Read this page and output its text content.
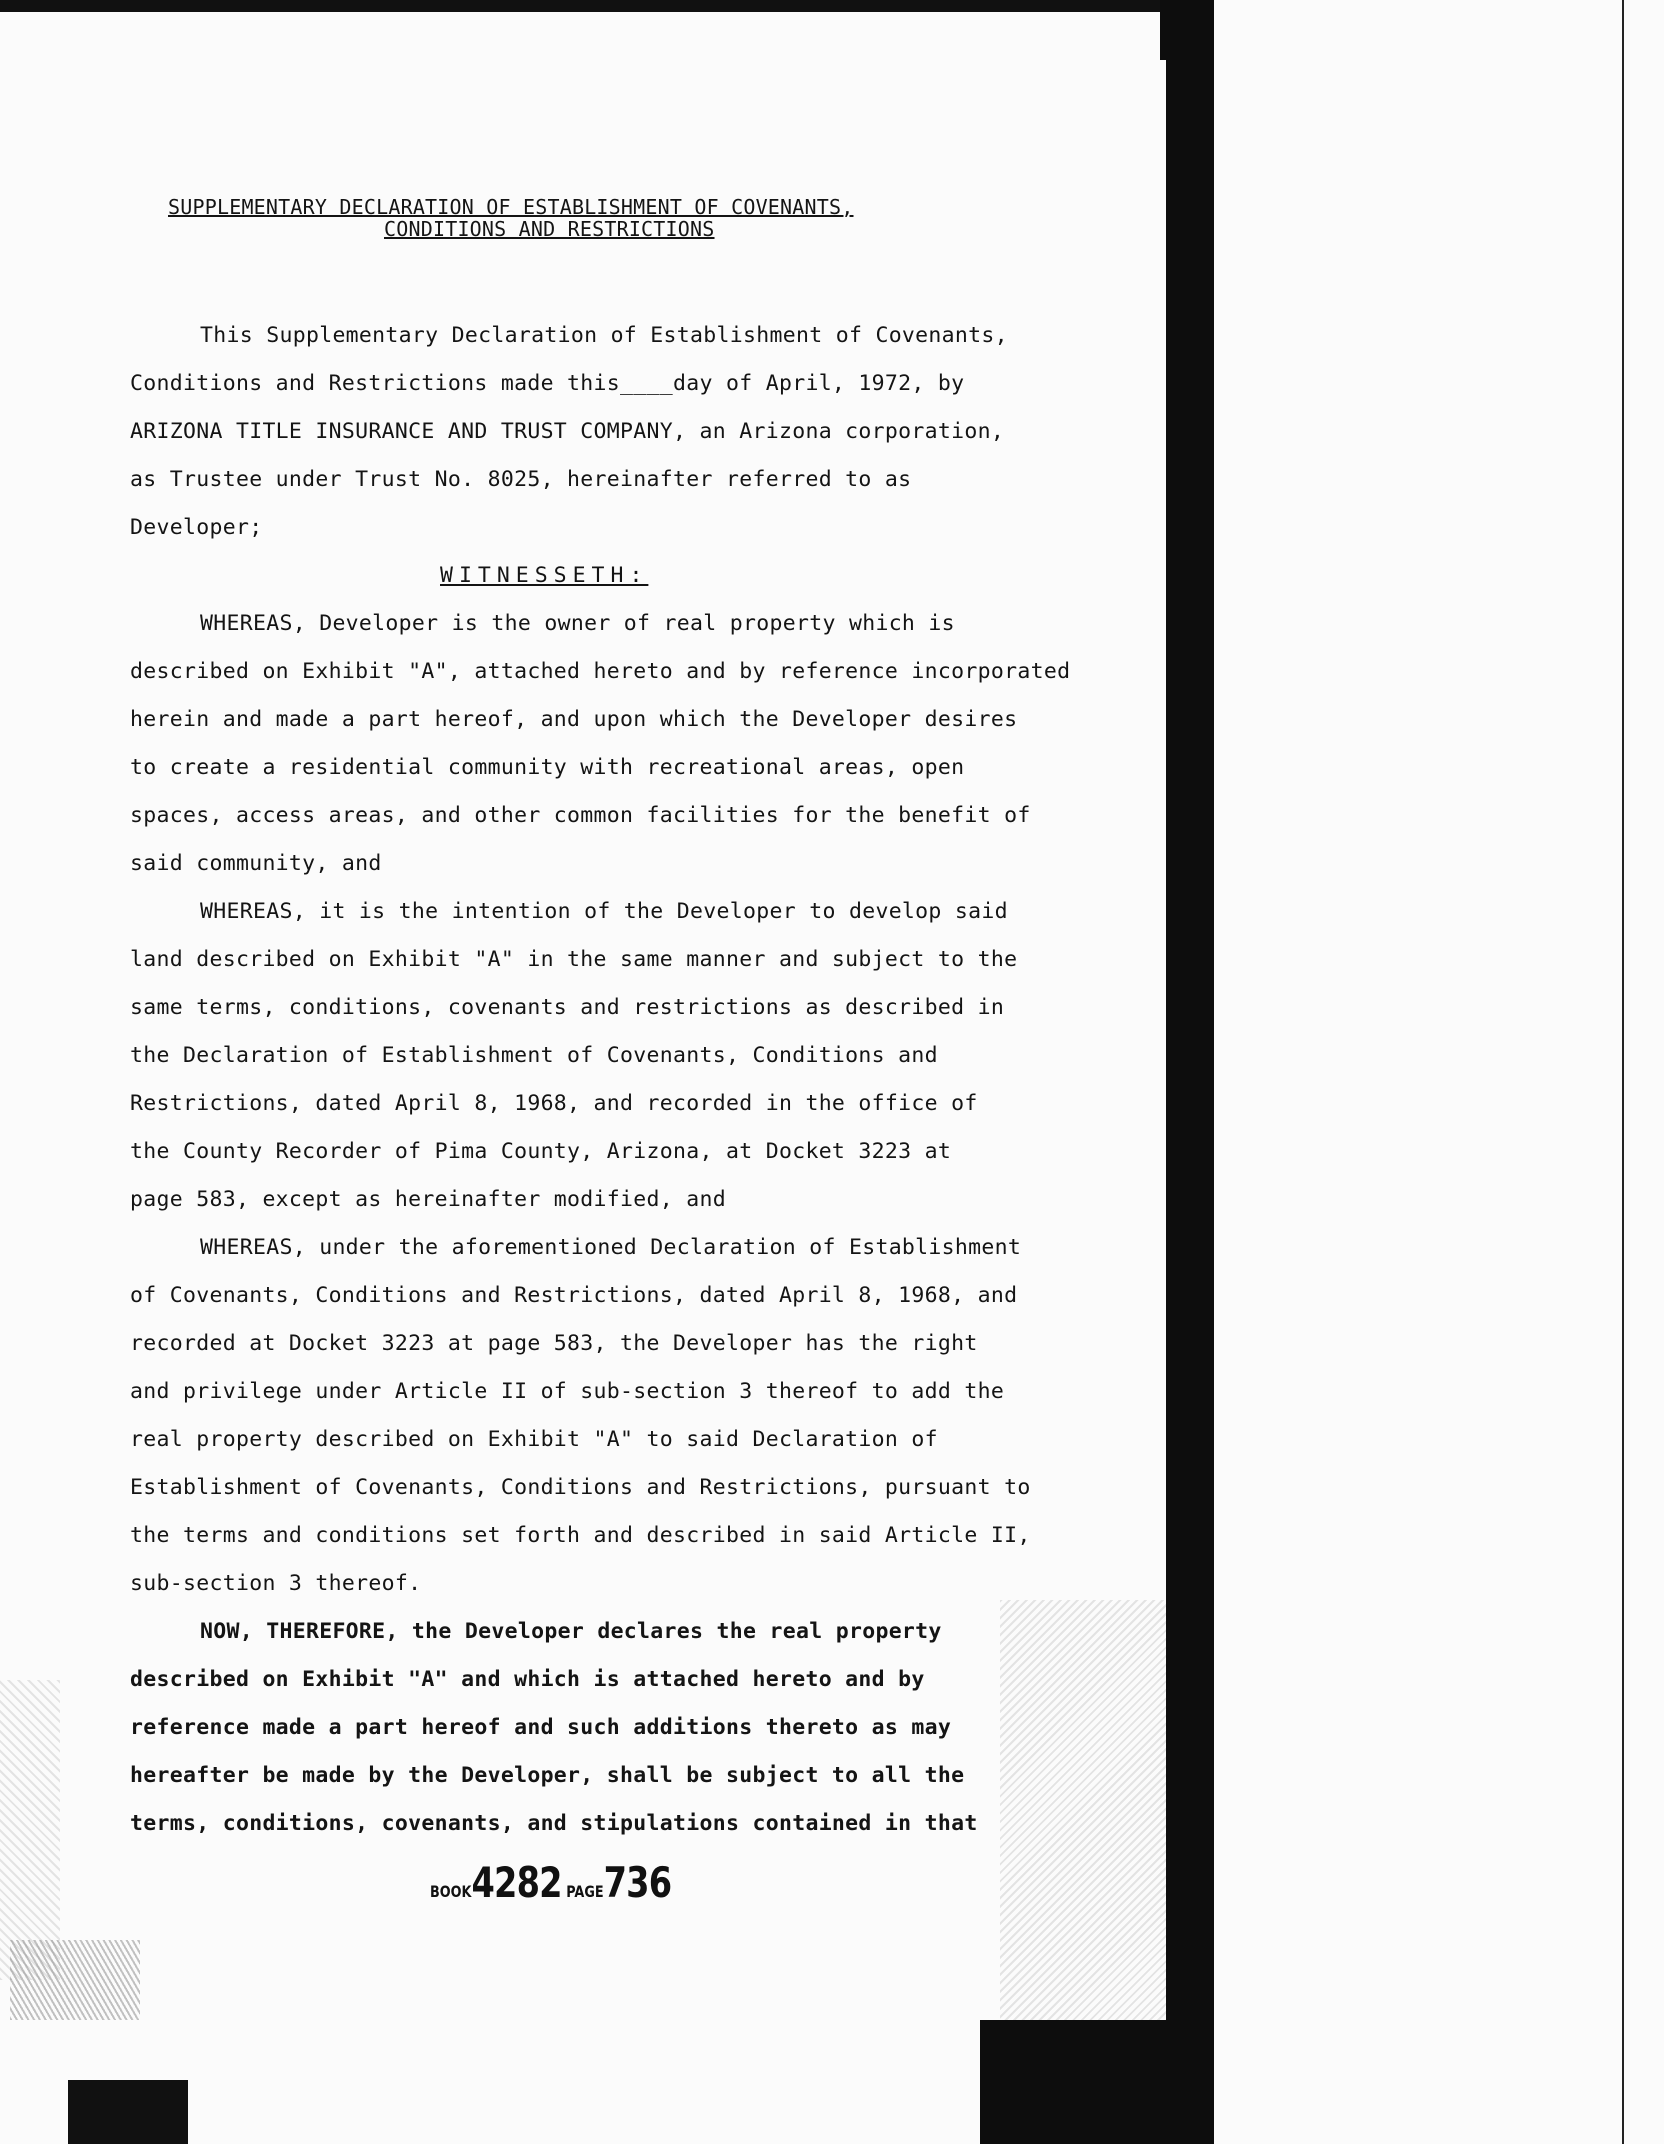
SUPPLEMENTARY DECLARATION OF ESTABLISHMENT OF COVENANTS,
CONDITIONS AND RESTRICTIONS
This Supplementary Declaration of Establishment of Covenants,
Conditions and Restrictions made this____day of April, 1972, by
ARIZONA TITLE INSURANCE AND TRUST COMPANY, an Arizona corporation,
as Trustee under Trust No. 8025, hereinafter referred to as
Developer;
WITNESSETH:
WHEREAS, Developer is the owner of real property which is
described on Exhibit "A", attached hereto and by reference incorporated
herein and made a part hereof, and upon which the Developer desires
to create a residential community with recreational areas, open
spaces, access areas, and other common facilities for the benefit of
said community, and
WHEREAS, it is the intention of the Developer to develop said
land described on Exhibit "A" in the same manner and subject to the
same terms, conditions, covenants and restrictions as described in
the Declaration of Establishment of Covenants, Conditions and
Restrictions, dated April 8, 1968, and recorded in the office of
the County Recorder of Pima County, Arizona, at Docket 3223 at
page 583, except as hereinafter modified, and
WHEREAS, under the aforementioned Declaration of Establishment
of Covenants, Conditions and Restrictions, dated April 8, 1968, and
recorded at Docket 3223 at page 583, the Developer has the right
and privilege under Article II of sub-section 3 thereof to add the
real property described on Exhibit "A" to said Declaration of
Establishment of Covenants, Conditions and Restrictions, pursuant to
the terms and conditions set forth and described in said Article II,
sub-section 3 thereof.
NOW, THEREFORE, the Developer declares the real property
described on Exhibit "A" and which is attached hereto and by
reference made a part hereof and such additions thereto as may
hereafter be made by the Developer, shall be subject to all the
terms, conditions, covenants, and stipulations contained in that
BOOK4282 PAGE736
